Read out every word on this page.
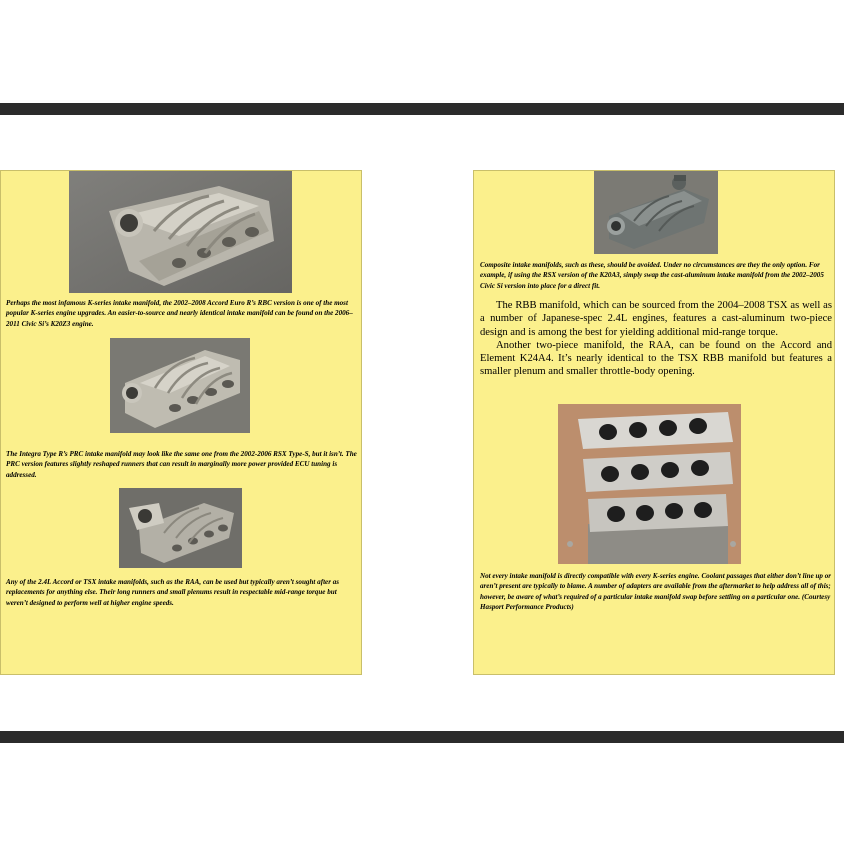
Perhaps the most infamous K-series intake manifold, the 2002–2008 Accord Euro R’s RBC version is one of the most popular K-series engine upgrades. An easier-to-source and nearly identical intake manifold can be found on the 2006–2011 Civic Si’s K20Z3 engine.

The Integra Type R’s PRC intake manifold may look like the same one from the 2002-2006 RSX Type-S, but it isn’t. The PRC version features slightly reshaped runners that can result in marginally more power provided ECU tuning is addressed.

Any of the 2.4L Accord or TSX intake manifolds, such as the RAA, can be used but typically aren’t sought after as replacements for anything else. Their long runners and small plenums result in respectable mid-range torque but weren’t designed to perform well at higher engine speeds.

Composite intake manifolds, such as these, should be avoided. Under no circumstances are they the only option. For example, if using the RSX version of the K20A3, simply swap the cast-aluminum intake manifold from the 2002–2005 Civic Si version into place for a direct fit.

The RBB manifold, which can be sourced from the 2004–2008 TSX as well as a number of Japanese-spec 2.4L engines, features a cast-aluminum two-piece design and is among the best for yielding additional mid-range torque.

Another two-piece manifold, the RAA, can be found on the Accord and Element K24A4. It’s nearly identical to the TSX RBB manifold but features a smaller plenum and smaller throttle-body opening.

Not every intake manifold is directly compatible with every K-series engine. Coolant passages that either don’t line up or aren’t present are typically to blame. A number of adapters are available from the aftermarket to help address all of this; however, be aware of what’s required of a particular intake manifold swap before settling on a particular one. (Courtesy Hasport Performance Products)
